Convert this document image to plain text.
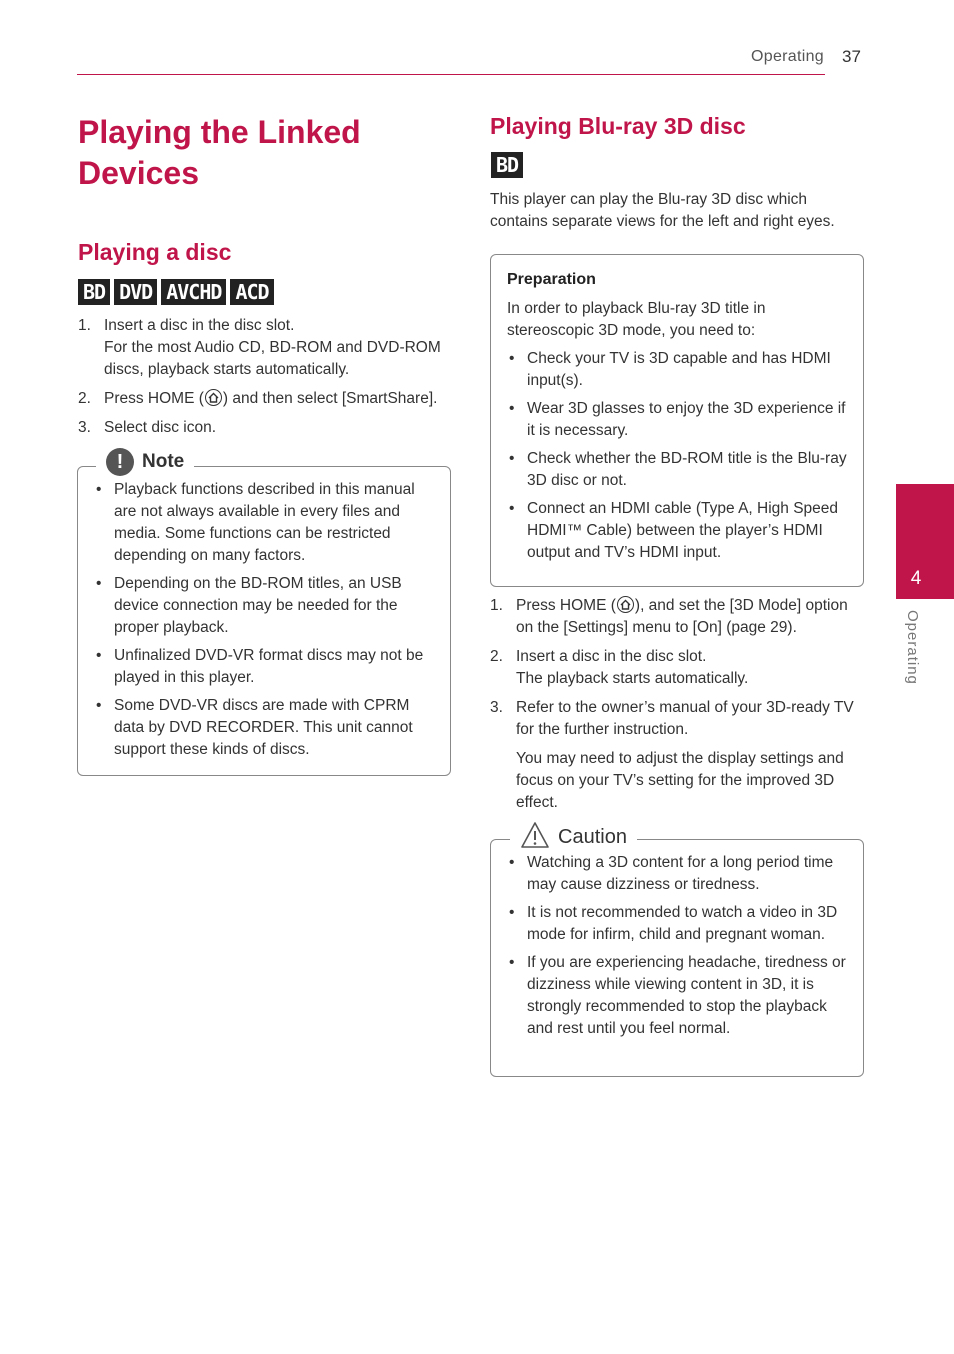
Operating 37
4
Operating
Playing the Linked Devices
Playing a disc
BD DVD AVCHD ACD
1. Insert a disc in the disc slot.
For the most Audio CD, BD-ROM and DVD-ROM discs, playback starts automatically.
2. Press HOME ( ) and then select [SmartShare].
3. Select disc icon.
! Note
• Playback functions described in this manual are not always available in every files and media. Some functions can be restricted depending on many factors.
• Depending on the BD-ROM titles, an USB device connection may be needed for the proper playback.
• Unfinalized DVD-VR format discs may not be played in this player.
• Some DVD-VR discs are made with CPRM data by DVD RECORDER. This unit cannot support these kinds of discs.
Playing Blu-ray 3D disc
BD
This player can play the Blu-ray 3D disc which contains separate views for the left and right eyes.
Preparation
In order to playback Blu-ray 3D title in stereoscopic 3D mode, you need to:
• Check your TV is 3D capable and has HDMI input(s).
• Wear 3D glasses to enjoy the 3D experience if it is necessary.
• Check whether the BD-ROM title is the Blu-ray 3D disc or not.
• Connect an HDMI cable (Type A, High Speed HDMI™ Cable) between the player’s HDMI output and TV’s HDMI input.
1. Press HOME ( ), and set the [3D Mode] option on the [Settings] menu to [On] (page 29).
2. Insert a disc in the disc slot.
The playback starts automatically.
3. Refer to the owner’s manual of your 3D-ready TV for the further instruction.
You may need to adjust the display settings and focus on your TV’s setting for the improved 3D effect.
Caution
• Watching a 3D content for a long period time may cause dizziness or tiredness.
• It is not recommended to watch a video in 3D mode for infirm, child and pregnant woman.
• If you are experiencing headache, tiredness or dizziness while viewing content in 3D, it is strongly recommended to stop the playback and rest until you feel normal.
